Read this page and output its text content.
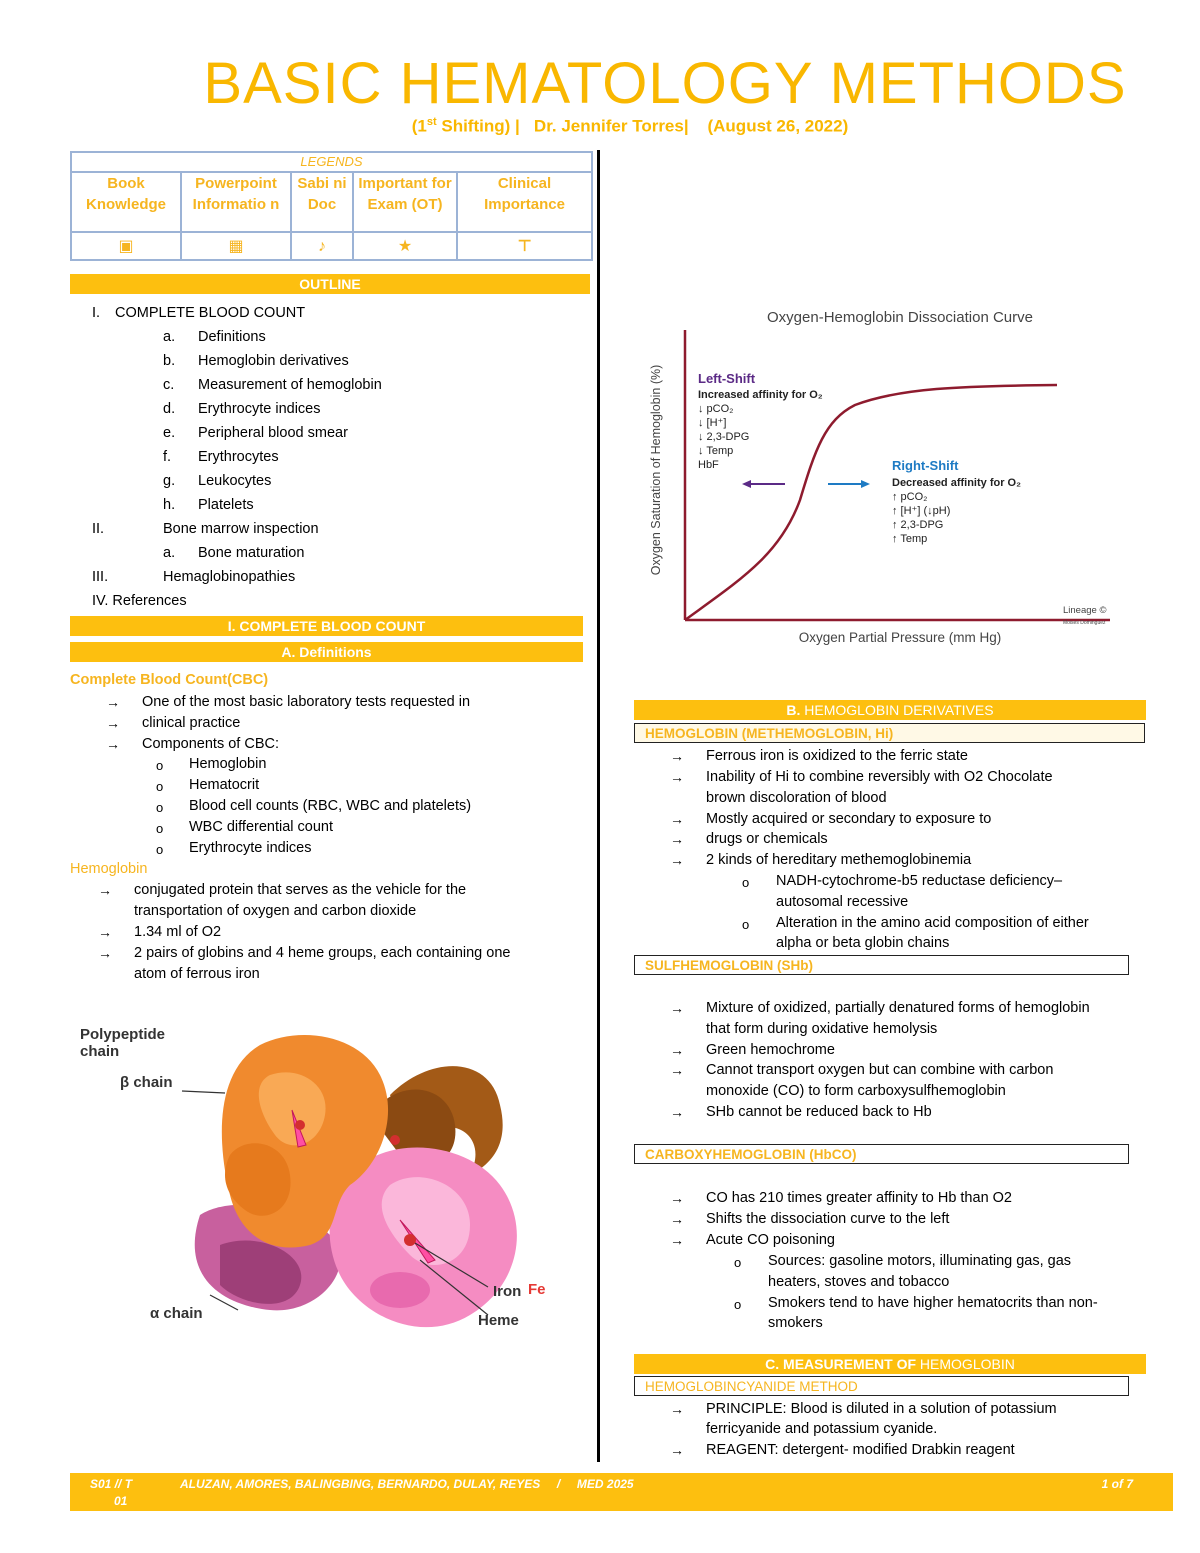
BASIC HEMATOLOGY METHODS
(1st Shifting) |   Dr. Jennifer Torres|    (August 26, 2022)
LEGENDS				
Book Knowledge	Powerpoint Informatio n	Sabi ni Doc	Important for Exam (OT)	Clinical Importance
▣	▦	♪	★	⊤
OUTLINE
I. COMPLETE BLOOD COUNT
a. Definitions
b. Hemoglobin derivatives
c. Measurement of hemoglobin
d. Erythrocyte indices
e. Peripheral blood smear
f. Erythrocytes
g. Leukocytes
h. Platelets
II.	Bone marrow inspection
a. Bone maturation
III.	Hemaglobinopathies
IV. References
I. COMPLETE BLOOD COUNT
A. Definitions
Complete Blood Count(CBC)
→ One of the most basic laboratory tests requested in
→ clinical practice
→ Components of CBC:
o Hemoglobin
o Hematocrit
o Blood cell counts (RBC, WBC and platelets)
o WBC differential count
o Erythrocyte indices
Hemoglobin
→ conjugated protein that serves as the vehicle for the
transportation of oxygen and carbon dioxide
→ 1.34 ml of O2
→ 2 pairs of globins and 4 heme groups, each containing one
atom of ferrous iron
Polypeptide chain
β chain
α chain
Iron Fe
Heme
Oxygen-Hemoglobin Dissociation Curve
Oxygen Saturation of Hemoglobin (%)
Oxygen Partial Pressure (mm Hg)
Left-Shift
Increased affinity for O₂
↓ pCO₂
↓ [H⁺]
↓ 2,3-DPG
↓ Temp
HbF	Right-Shift
Decreased affinity for O₂
↑ pCO₂
↑ [H⁺] (↓pH)
↑ 2,3-DPG
↑ Temp
Lineage ©
Moises Dominguez
B. HEMOGLOBIN DERIVATIVES
HEMOGLOBIN (METHEMOGLOBIN, Hi)
→ Ferrous iron is oxidized to the ferric state
→ Inability of Hi to combine reversibly with O2 Chocolate
brown discoloration of blood
→ Mostly acquired or secondary to exposure to
→ drugs or chemicals
→ 2 kinds of hereditary methemoglobinemia
o NADH-cytochrome-b5 reductase deficiency–
autosomal recessive
o Alteration in the amino acid composition of either
alpha or beta globin chains
SULFHEMOGLOBIN (SHb)
→ Mixture of oxidized, partially denatured forms of hemoglobin
that form during oxidative hemolysis
→ Green hemochrome
→ Cannot transport oxygen but can combine with carbon
monoxide (CO) to form carboxysulfhemoglobin
→ SHb cannot be reduced back to Hb
CARBOXYHEMOGLOBIN (HbCO)
→ CO has 210 times greater affinity to Hb than O2
→ Shifts the dissociation curve to the left
→ Acute CO poisoning
o Sources: gasoline motors, illuminating gas, gas
heaters, stoves and tobacco
o Smokers tend to have higher hematocrits than non-
smokers
C. MEASUREMENT OF HEMOGLOBIN
HEMOGLOBINCYANIDE METHOD
→ PRINCIPLE: Blood is diluted in a solution of potassium
ferricyanide and potassium cyanide.
→ REAGENT: detergent- modified Drabkin reagent
S01 // T
01
ALUZAN, AMORES, BALINGBING, BERNARDO, DULAY, REYES     /     MED 2025	1 of 7
